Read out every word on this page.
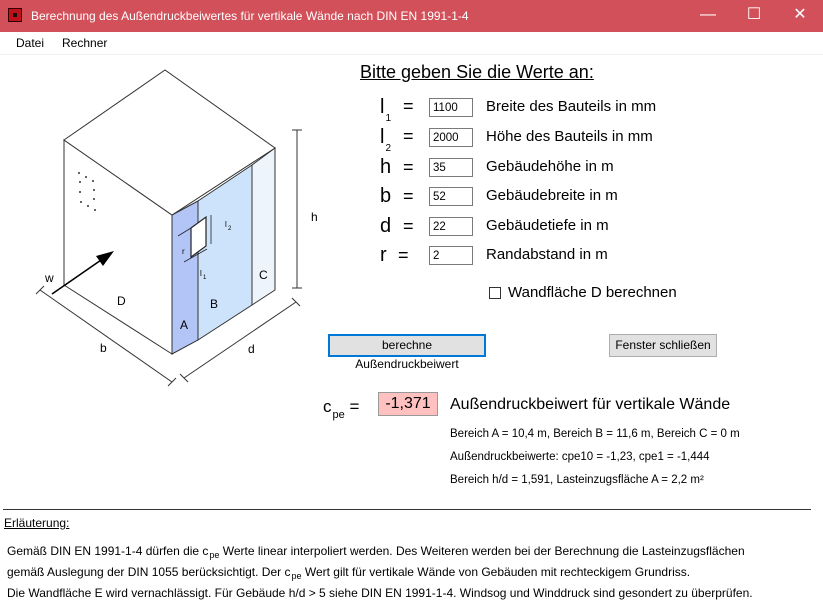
Berechnung des Außendruckbeiwertes für vertikale Wände nach DIN EN 1991-1-4	—	☐	✕
Datei Rechner
A
B
C
D
w
b	d
h
r
l 1
l 2
Bitte geben Sie die Werte an:
$l_1$
=
1100	Breite des Bauteils in mm
$l_2$
=
2000	Höhe des Bauteils in mm
h =
35	Gebäudehöhe in m
b =
52	Gebäudebreite in m
d =
22	Gebäudetiefe in m
r =
2	Randabstand in m
Wandfläche D berechnen
berechne Außendruckbeiwert
Fenster schließen
$c_{pe}$ =	-1,371	Außendruckbeiwert für vertikale Wände
Bereich A = 10,4 m, Bereich B = 11,6 m, Bereich C = 0 m
Außendruckbeiwerte: cpe10 = -1,23, cpe1 = -1,444
Bereich h/d = 1,591, Lasteinzugsfläche A = 2,2 m²
Erläuterung:
Gemäß DIN EN 1991-1-4 dürfen die $c_{pe}$ Werte linear interpoliert werden. Des Weiteren werden bei der Berechnung die Lasteinzugsflächen
gemäß Auslegung der DIN 1055 berücksichtigt. Der $c_{pe}$ Wert gilt für vertikale Wände von Gebäuden mit rechteckigem Grundriss.
Die Wandfläche E wird vernachlässigt. Für Gebäude h/d > 5 siehe DIN EN 1991-1-4. Windsog und Winddruck sind gesondert zu überprüfen.
